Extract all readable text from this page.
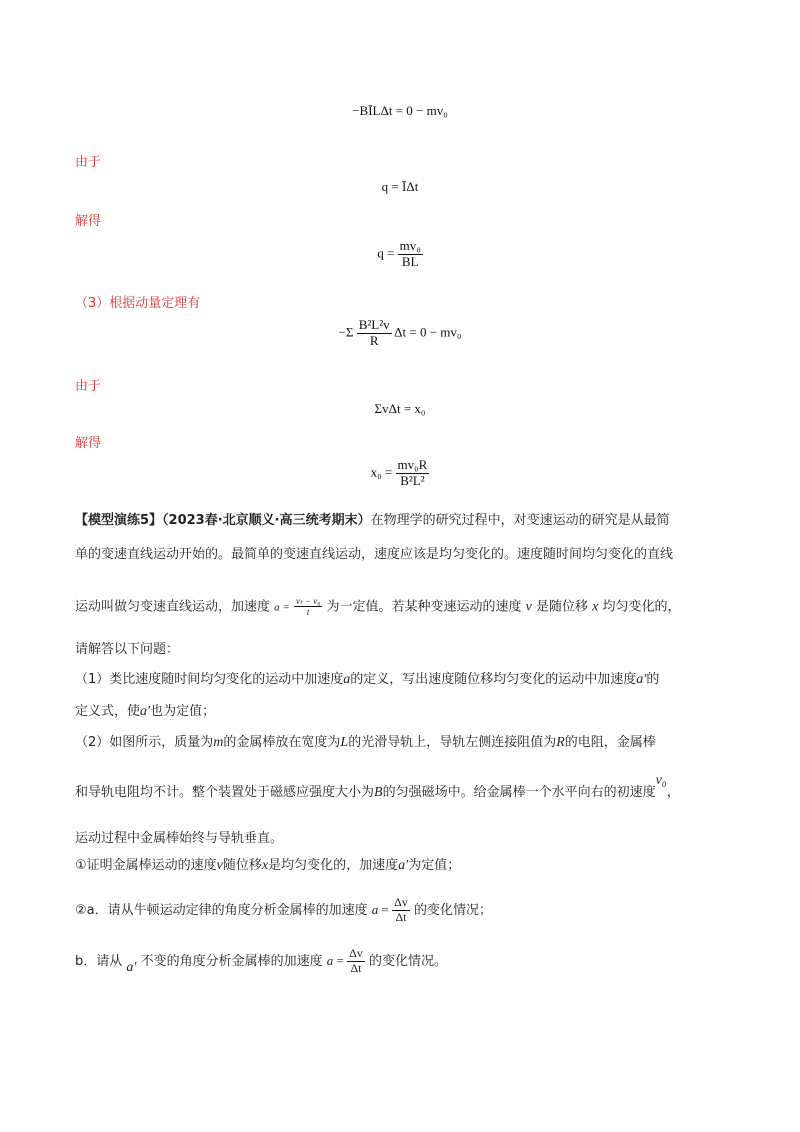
−BĪLΔt = 0 − mv₀
由于
q = ĪΔt
解得
$q = \frac{\text{mv₀}}{BL}$
（3）根据动量定理有
$-\Sigma \frac{\text{B²L²v}}{R}$ Δt = 0 − mv₀
由于
ΣvΔt = x₀
解得
$x_0 = \frac{\text{mv₀R}}{\text{B²L²}}$
【模型演练5】（2023春·北京顺义·高三统考期末）在物理学的研究过程中，对变速运动的研究是从最简
单的变速直线运动开始的。最简单的变速直线运动，速度应该是均匀变化的。速度随时间均匀变化的直线
运动叫做匀变速直线运动，加速度 $a = \frac{\text{vₜ − v₀}}{t}$ 为一定值。若某种变速运动的速度 v 是随位移 x 均匀变化的，
请解答以下问题：
（1）类比速度随时间均匀变化的运动中加速度a的定义，写出速度随位移均匀变化的运动中加速度a′的
定义式，使a′也为定值；
（2）如图所示，质量为m的金属棒放在宽度为L的光滑导轨上，导轨左侧连接阻值为R的电阻，金属棒
和导轨电阻均不计。整个装置处于磁感应强度大小为B的匀强磁场中。给金属棒一个水平向右的初速度v₀，
运动过程中金属棒始终与导轨垂直。
①证明金属棒运动的速度v随位移x是均匀变化的，加速度a′为定值；
②a．请从牛顿运动定律的角度分析金属棒的加速度 $a = \frac{\Delta v}{\Delta t}$ 的变化情况；
b．请从 a′ 不变的角度分析金属棒的加速度 $a = \frac{\Delta v}{\Delta t}$ 的变化情况。
